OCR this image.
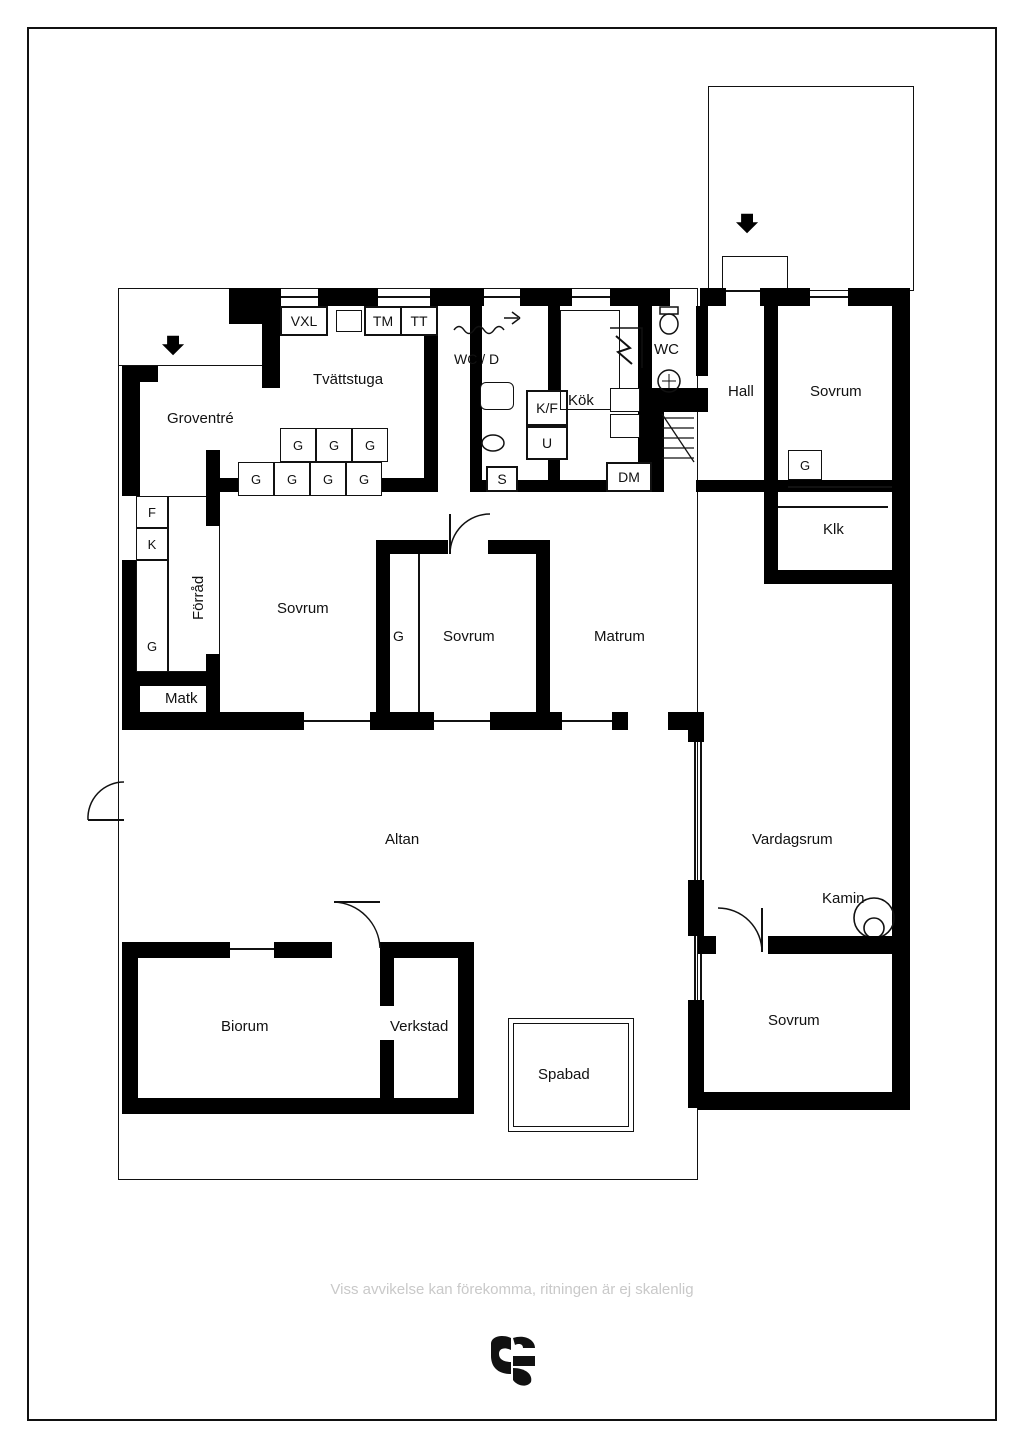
VXL	TM TT
Tvättstuga
Groventré
G G G
G G G G
F
K
G
Förråd
Matk
Sovrum
G	Sovrum	Matrum
WC / D
S
K/F
U
Kök
DM
WC
Hall	Sovrum
G
Klk
Vardagsrum
Kamin
Sovrum
Altan
Biorum	Verkstad
Spabad
Viss avvikelse kan förekomma, ritningen är ej skalenlig
